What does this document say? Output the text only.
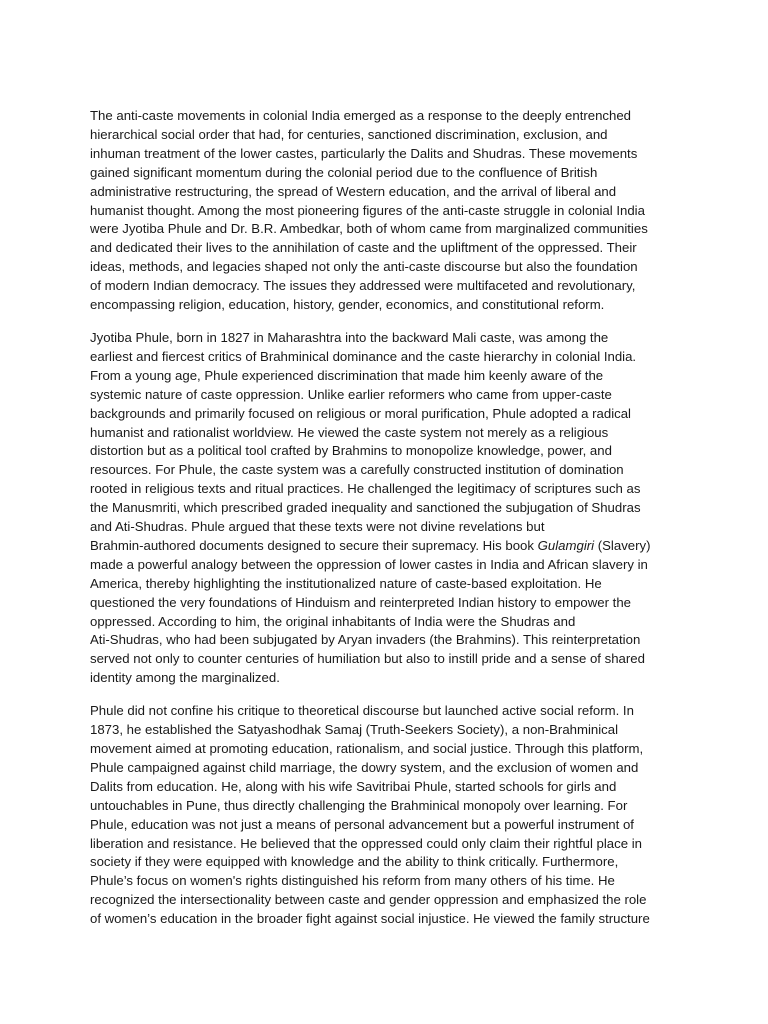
The anti-caste movements in colonial India emerged as a response to the deeply entrenched
hierarchical social order that had, for centuries, sanctioned discrimination, exclusion, and
inhuman treatment of the lower castes, particularly the Dalits and Shudras. These movements
gained significant momentum during the colonial period due to the confluence of British
administrative restructuring, the spread of Western education, and the arrival of liberal and
humanist thought. Among the most pioneering figures of the anti-caste struggle in colonial India
were Jyotiba Phule and Dr. B.R. Ambedkar, both of whom came from marginalized communities
and dedicated their lives to the annihilation of caste and the upliftment of the oppressed. Their
ideas, methods, and legacies shaped not only the anti-caste discourse but also the foundation
of modern Indian democracy. The issues they addressed were multifaceted and revolutionary,
encompassing religion, education, history, gender, economics, and constitutional reform.
Jyotiba Phule, born in 1827 in Maharashtra into the backward Mali caste, was among the
earliest and fiercest critics of Brahminical dominance and the caste hierarchy in colonial India.
From a young age, Phule experienced discrimination that made him keenly aware of the
systemic nature of caste oppression. Unlike earlier reformers who came from upper-caste
backgrounds and primarily focused on religious or moral purification, Phule adopted a radical
humanist and rationalist worldview. He viewed the caste system not merely as a religious
distortion but as a political tool crafted by Brahmins to monopolize knowledge, power, and
resources. For Phule, the caste system was a carefully constructed institution of domination
rooted in religious texts and ritual practices. He challenged the legitimacy of scriptures such as
the Manusmriti, which prescribed graded inequality and sanctioned the subjugation of Shudras
and Ati-Shudras. Phule argued that these texts were not divine revelations but
Brahmin-authored documents designed to secure their supremacy. His book Gulamgiri (Slavery)
made a powerful analogy between the oppression of lower castes in India and African slavery in
America, thereby highlighting the institutionalized nature of caste-based exploitation. He
questioned the very foundations of Hinduism and reinterpreted Indian history to empower the
oppressed. According to him, the original inhabitants of India were the Shudras and
Ati-Shudras, who had been subjugated by Aryan invaders (the Brahmins). This reinterpretation
served not only to counter centuries of humiliation but also to instill pride and a sense of shared
identity among the marginalized.
Phule did not confine his critique to theoretical discourse but launched active social reform. In
1873, he established the Satyashodhak Samaj (Truth-Seekers Society), a non-Brahminical
movement aimed at promoting education, rationalism, and social justice. Through this platform,
Phule campaigned against child marriage, the dowry system, and the exclusion of women and
Dalits from education. He, along with his wife Savitribai Phule, started schools for girls and
untouchables in Pune, thus directly challenging the Brahminical monopoly over learning. For
Phule, education was not just a means of personal advancement but a powerful instrument of
liberation and resistance. He believed that the oppressed could only claim their rightful place in
society if they were equipped with knowledge and the ability to think critically. Furthermore,
Phule’s focus on women's rights distinguished his reform from many others of his time. He
recognized the intersectionality between caste and gender oppression and emphasized the role
of women’s education in the broader fight against social injustice. He viewed the family structure
